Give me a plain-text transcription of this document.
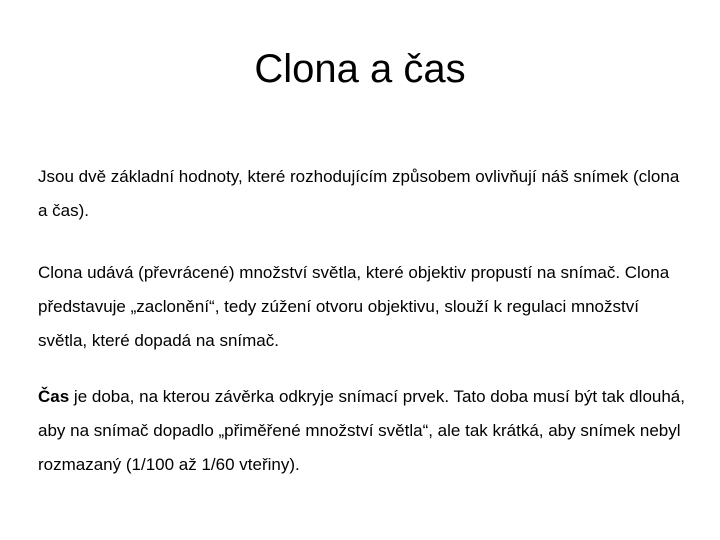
Clona a čas

Jsou dvě základní hodnoty, které rozhodujícím způsobem ovlivňují náš snímek (clona a čas).

Clona udává (převrácené) množství světla, které objektiv propustí na snímač. Clona představuje „zaclonění“, tedy zúžení otvoru objektivu, slouží k regulaci množství světla, které dopadá na snímač.

Čas je doba, na kterou závěrka odkryje snímací prvek. Tato doba musí být tak dlouhá, aby na snímač dopadlo „přiměřené množství světla“, ale tak krátká, aby snímek nebyl rozmazaný (1/100 až 1/60 vteřiny).
